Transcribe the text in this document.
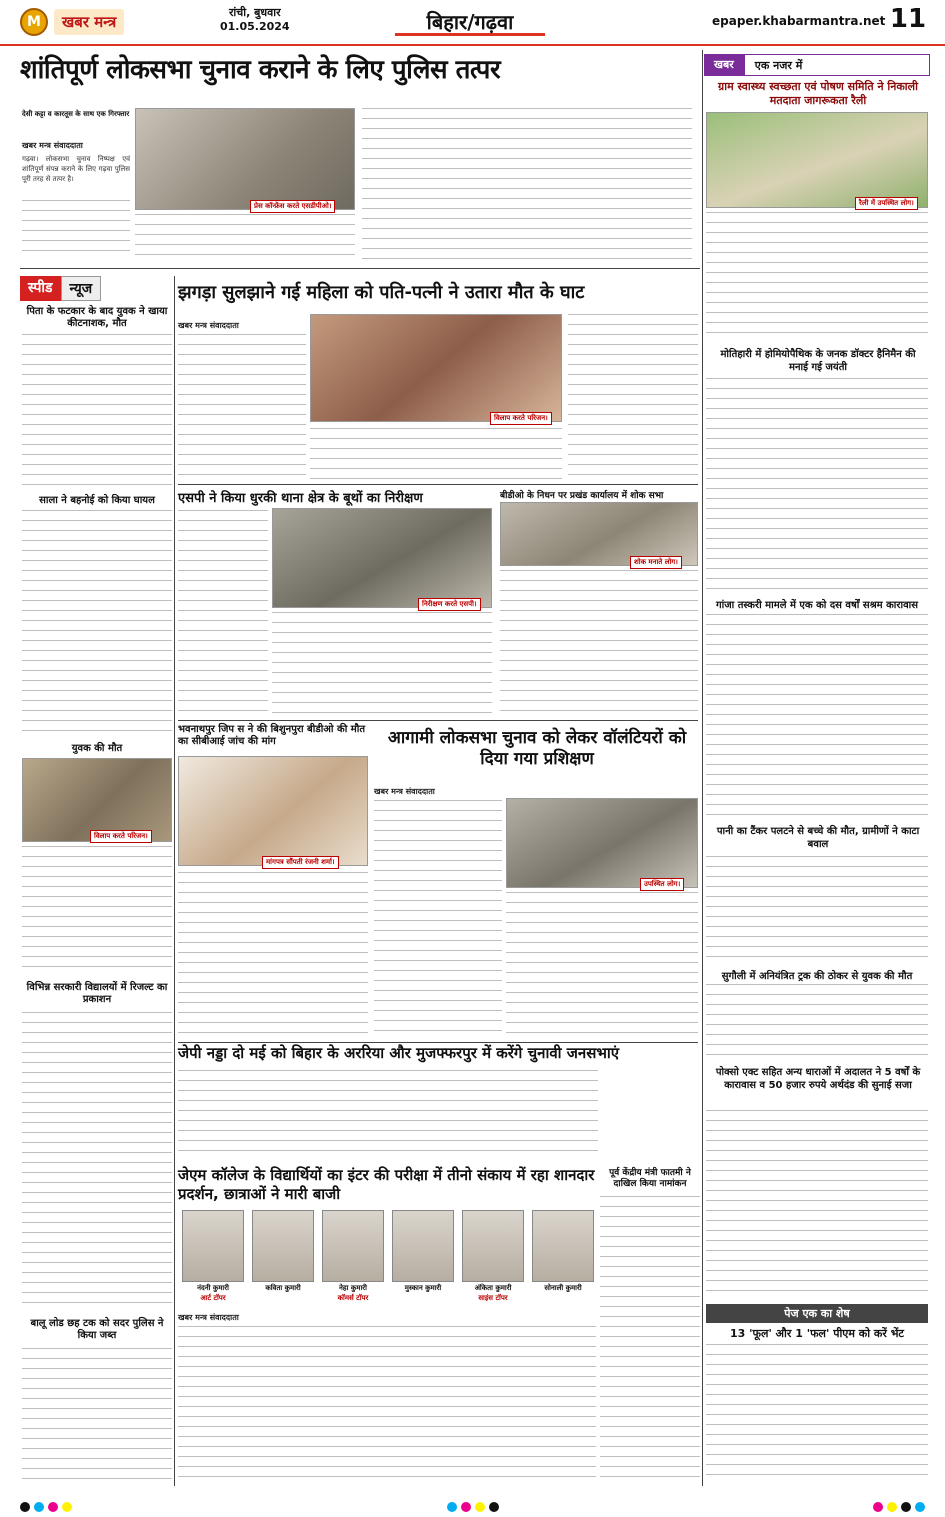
M	खबर मन्त्र
रांची, बुधवार
01.05.2024	बिहार/गढ़वा	epaper.khabarmantra.net 11
शांतिपूर्ण लोकसभा चुनाव कराने के लिए पुलिस तत्पर
देसी कट्टा व कारतूस के साथ एक गिरफ्तार
खबर मन्त्र संवाददाता
गढ़वा। लोकसभा चुनाव निष्पक्ष एवं शांतिपूर्ण संपन्न कराने के लिए गढ़वा पुलिस पूरी तरह से तत्पर है।
प्रेस कॉन्फ्रेंस करते एसडीपीओ।
खबर	एक नजर में
ग्राम स्वास्थ्य स्वच्छता एवं पोषण समिति ने निकाली मतदाता जागरूकता रैली
रैली में उपस्थित लोग।
मोतिहारी में होमियोपैथिक के जनक डॉक्टर हैनिमैन की मनाई गई जयंती
गांजा तस्करी मामले में एक को दस वर्षों सश्रम कारावास
पानी का टैंकर पलटने से बच्चे की मौत, ग्रामीणों ने काटा बवाल
सुगौली में अनियंत्रित ट्रक की ठोकर से युवक की मौत
पोक्सो एक्ट सहित अन्य धाराओं में अदालत ने 5 वर्षों के कारावास व 50 हजार रुपये अर्थदंड की सुनाई सजा
पेज एक का शेष
13 'फूल' और 1 'फल' पीएम को करें भेंट
स्पीड	न्यूज
पिता के फटकार के बाद युवक ने खाया कीटनाशक, मौत
साला ने बहनोई को किया घायल
युवक की मौत
विलाप करते परिजन।
विभिन्न सरकारी विद्यालयों में रिजल्ट का प्रकाशन
बालू लोड छह टक को सदर पुलिस ने किया जब्त
झगड़ा सुलझाने गई महिला को पति-पत्नी ने उतारा मौत के घाट
खबर मन्त्र संवाददाता
विलाप करते परिजन।
एसपी ने किया धुरकी थाना क्षेत्र के बूथों का निरीक्षण
निरीक्षण करते एसपी।
बीडीओ के निधन पर प्रखंड कार्यालय में शोक सभा
शोक मनाते लोग।
भवनाथपुर जिप स ने की बिशुनपुरा बीडीओ की मौत का सीबीआई जांच की मांग
मांगपत्र सौंपती रंजनी शर्मा।
आगामी लोकसभा चुनाव को लेकर वॉलंटियरों को दिया गया प्रशिक्षण
खबर मन्त्र संवाददाता
उपस्थित लोग।
जेपी नड्डा दो मई को बिहार के अररिया और मुजफ्फरपुर में करेंगे चुनावी जनसभाएं
पूर्व केंद्रीय मंत्री फातमी ने दाखिल किया नामांकन
जेएम कॉलेज के विद्यार्थियों का इंटर की परीक्षा में तीनो संकाय में रहा शानदार प्रदर्शन, छात्राओं ने मारी बाजी
नंदनी कुमारी
आर्ट टॉपर
कविता कुमारी	नेहा कुमारी
कॉमर्स टॉपर
मुस्कान कुमारी	अंकिता कुमारी
साइंस टॉपर
सोनाली कुमारी
खबर मन्त्र संवाददाता
